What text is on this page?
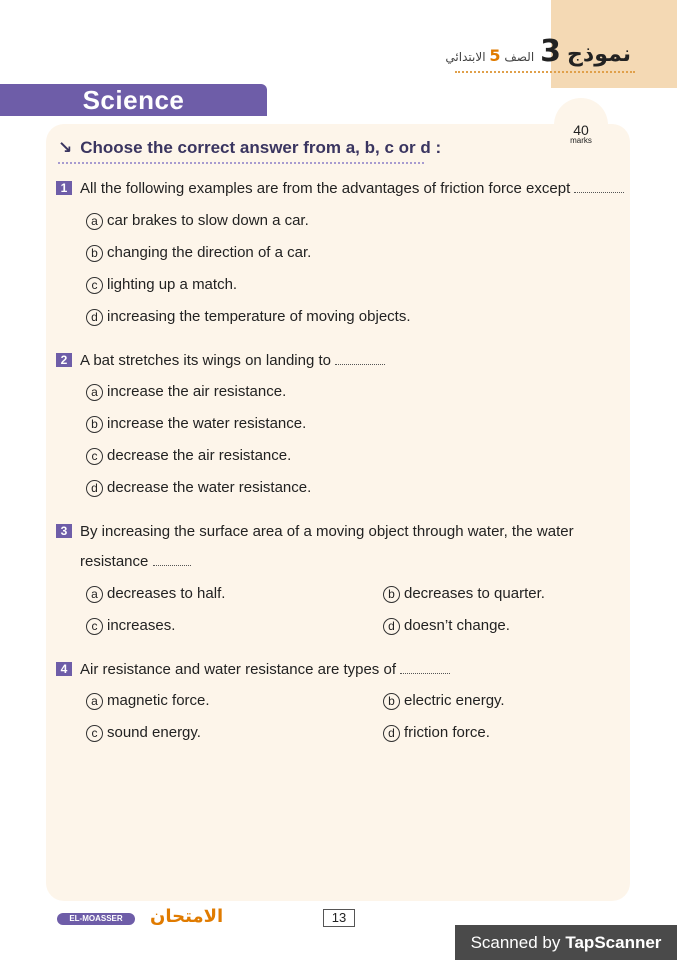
نموذج
3
الصف 5 الابتدائي
Science
40
marks
↘ Choose the correct answer from a, b, c or d :
1 All the following examples are from the advantages of friction force except
a car brakes to slow down a car.
b changing the direction of a car.
c lighting up a match.
d increasing the temperature of moving objects.
2 A bat stretches its wings on landing to
a increase the air resistance.
b increase the water resistance.
c decrease the air resistance.
d decrease the water resistance.
3 By increasing the surface area of a moving object through water, the water
resistance
a decreases to half.	b decreases to quarter.
c increases.	d doesn’t change.
4 Air resistance and water resistance are types of
a magnetic force.	b electric energy.
c sound energy.	d friction force.
EL-MOASSER	الامتحان	13
Scanned by TapScanner
